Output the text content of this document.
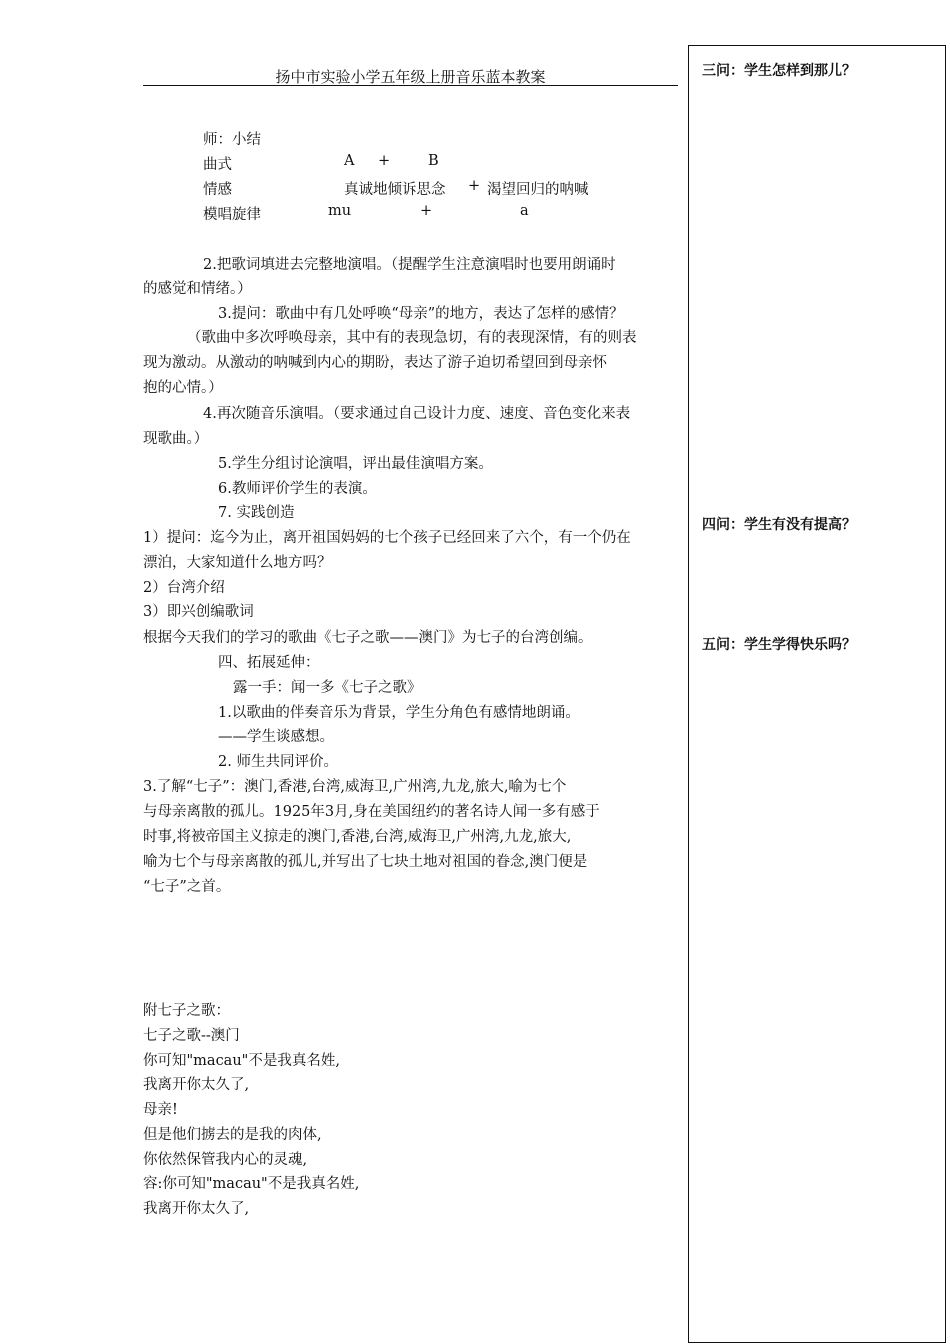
扬中市实验小学五年级上册音乐蓝本教案	三问：学生怎样到那儿？
四问：学生有没有提高？
五问：学生学得快乐吗？
师：小结
曲式	A +	B
情感	真诚地倾诉思念 + 渴望回归的呐喊
模唱旋律	mu	+	a
2.把歌词填进去完整地演唱。（提醒学生注意演唱时也要用朗诵时
的感觉和情绪。）
3.提问：歌曲中有几处呼唤“母亲”的地方，表达了怎样的感情？
（歌曲中多次呼唤母亲，其中有的表现急切，有的表现深情，有的则表
现为激动。从激动的呐喊到内心的期盼，表达了游子迫切希望回到母亲怀
抱的心情。）
4.再次随音乐演唱。（要求通过自己设计力度、速度、音色变化来表
现歌曲。）
5.学生分组讨论演唱，评出最佳演唱方案。
6.教师评价学生的表演。
7. 实践创造
1）提问：迄今为止，离开祖国妈妈的七个孩子已经回来了六个，有一个仍在
漂泊，大家知道什么地方吗？
2）台湾介绍
3）即兴创编歌词
根据今天我们的学习的歌曲《七子之歌——澳门》为七子的台湾创编。
四、拓展延伸：
露一手：闻一多《七子之歌》
1.以歌曲的伴奏音乐为背景，学生分角色有感情地朗诵。
——学生谈感想。
2. 师生共同评价。
3.了解“七子”：澳门,香港,台湾,威海卫,广州湾,九龙,旅大,喻为七个
与母亲离散的孤儿。1925年3月,身在美国纽约的著名诗人闻一多有感于
时事,将被帝国主义掠走的澳门,香港,台湾,威海卫,广州湾,九龙,旅大,
喻为七个与母亲离散的孤儿,并写出了七块土地对祖国的眷念,澳门便是
“七子”之首。
附七子之歌：
七子之歌--澳门
你可知"macau"不是我真名姓,
我离开你太久了,
母亲!
但是他们掳去的是我的肉体,
你依然保管我内心的灵魂,
容:你可知"macau"不是我真名姓,
我离开你太久了,
